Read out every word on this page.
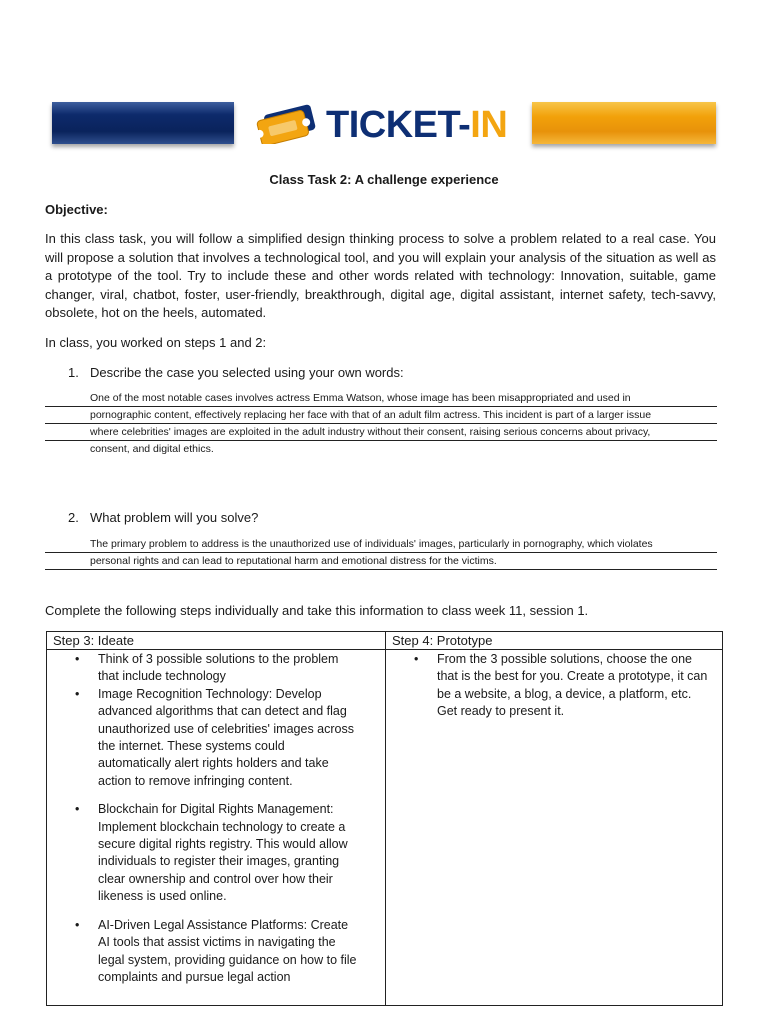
TICKET-IN
Class Task 2: A challenge experience
Objective:

In this class task, you will follow a simplified design thinking process to solve a problem related to a real case. You will propose a solution that involves a technological tool, and you will explain your analysis of the situation as well as a prototype of the tool. Try to include these and other words related with technology: Innovation, suitable, game changer, viral, chatbot, foster, user-friendly, breakthrough, digital age, digital assistant, internet safety, tech-savvy, obsolete, hot on the heels, automated.

In class, you worked on steps 1 and 2:
1. Describe the case you selected using your own words:
One of the most notable cases involves actress Emma Watson, whose image has been misappropriated and used in
pornographic content, effectively replacing her face with that of an adult film actress. This incident is part of a larger issue
where celebrities' images are exploited in the adult industry without their consent, raising serious concerns about privacy,
consent, and digital ethics.
2. What problem will you solve?
The primary problem to address is the unauthorized use of individuals' images, particularly in pornography, which violates
personal rights and can lead to reputational harm and emotional distress for the victims.
Complete the following steps individually and take this information to class week 11, session 1.
Step 3: Ideate
• Think of 3 possible solutions to the problem that include technology
• Image Recognition Technology: Develop advanced algorithms that can detect and flag unauthorized use of celebrities' images across the internet. These systems could automatically alert rights holders and take action to remove infringing content.
• Blockchain for Digital Rights Management: Implement blockchain technology to create a secure digital rights registry. This would allow individuals to register their images, granting clear ownership and control over how their likeness is used online.
• AI-Driven Legal Assistance Platforms: Create AI tools that assist victims in navigating the legal system, providing guidance on how to file complaints and pursue legal action
Step 4: Prototype
• From the 3 possible solutions, choose the one that is the best for you. Create a prototype, it can be a website, a blog, a device, a platform, etc. Get ready to present it.
